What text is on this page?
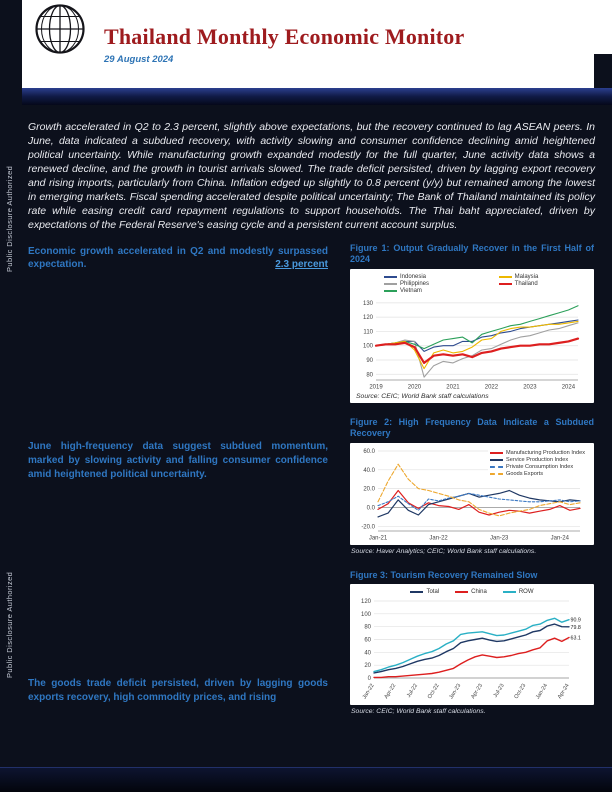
Public Disclosure Authorized
Public Disclosure Authorized
Thailand Monthly Economic Monitor
29 August 2024

Growth accelerated in Q2 to 2.3 percent, slightly above expectations, but the recovery continued to lag ASEAN peers. In June, data indicated a subdued recovery, with activity slowing and consumer confidence declining amid heightened political uncertainty. While manufacturing growth expanded modestly for the full quarter, June activity data shows a renewed decline, and the growth in tourist arrivals slowed. The trade deficit persisted, driven by lagging export recovery and rising imports, particularly from China. Inflation edged up slightly to 0.8 percent (y/y) but remained among the lowest in emerging markets. Fiscal spending accelerated despite political uncertainty; The Bank of Thailand maintained its policy rate while easing credit card repayment regulations to support households. The Thai baht appreciated, driven by expectations of the Federal Reserve's easing cycle and a persistent current account surplus.

Economic growth accelerated in Q2 and modestly surpassed expectation.	2.3 percent

June high-frequency data suggest subdued momentum, marked by slowing activity and falling consumer confidence amid heightened political uncertainty.

The goods trade deficit persisted, driven by lagging goods exports recovery, high commodity prices, and rising

Figure 1: Output Gradually Recover in the First Half of 2024
Indonesia
Philippines
Vietnam
Malaysia
Thailand
80
90
100
110
120
130
2019	2020	2021	2022	2023	2024
Source: CEIC; World Bank staff calculations
Figure 2: High Frequency Data Indicate a Subdued Recovery
Manufacturing Production Index
Service Production Index
Private Consumption Index
Goods Exports
-20.0
0.0
20.0
40.0
60.0
Jan-21	Jan-22	Jan-23	Jan-24
Source: Haver Analytics; CEIC; World Bank staff calculations.
Figure 3: Tourism Recovery Remained Slow
Total	China	ROW
0
20
40
60
80
100
120
Jan-22 Apr-22 Jul-22 Oct-22 Jan-23 Apr-23 Jul-23 Oct-23 Jan-24 Apr-24
79.8
63.1
90.9
Source: CEIC; World Bank staff calculations.
